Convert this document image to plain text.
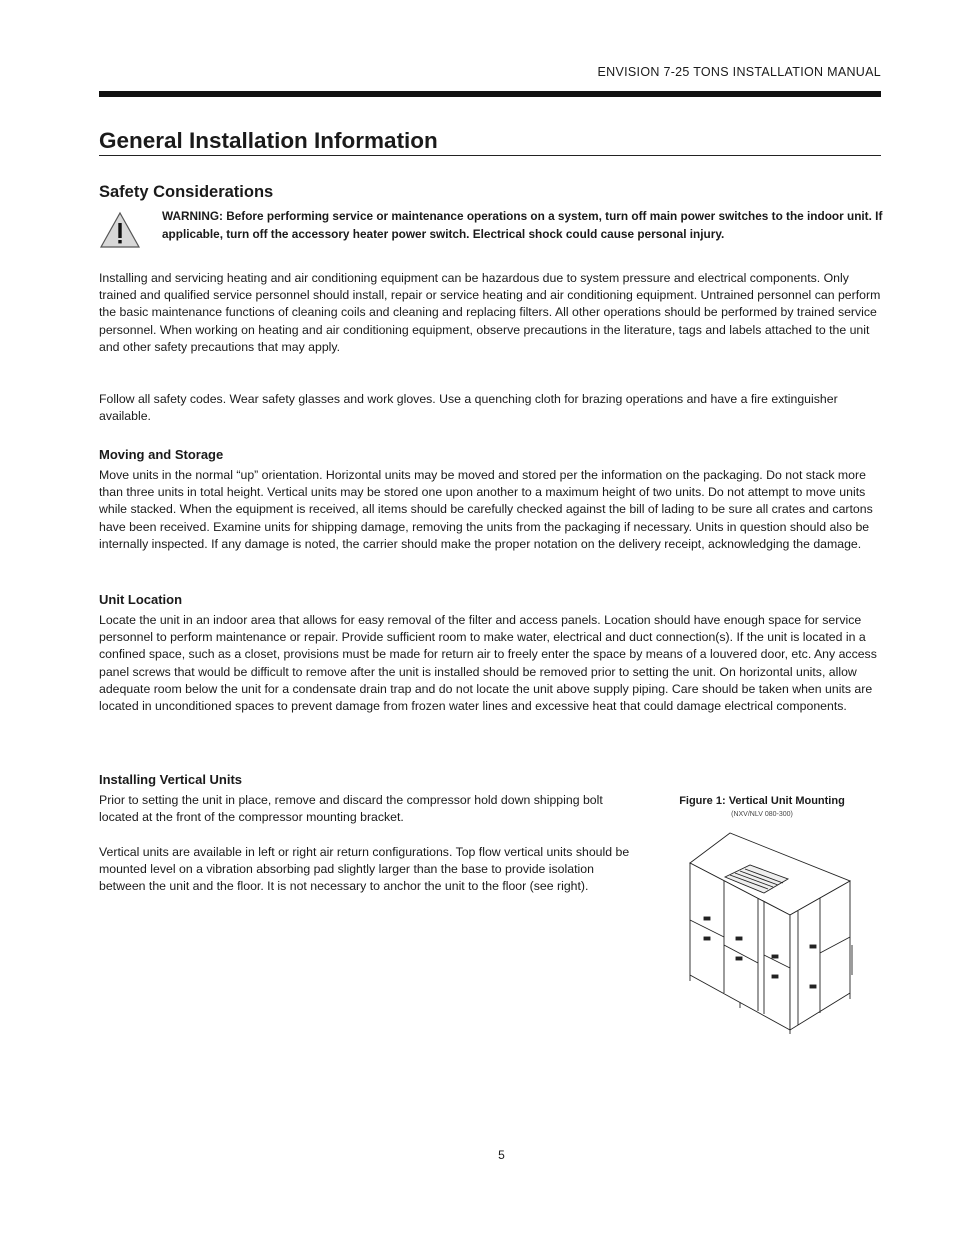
ENVISION 7-25 TONS INSTALLATION MANUAL
General Installation Information
Safety Considerations

WARNING: Before performing service or maintenance operations on a system, turn off main power switches to the indoor unit. If applicable, turn off the accessory heater power switch. Electrical shock could cause personal injury.

Installing and servicing heating and air conditioning equipment can be hazardous due to system pressure and electrical components. Only trained and qualified service personnel should install, repair or service heating and air conditioning equipment. Untrained personnel can perform the basic maintenance functions of cleaning coils and cleaning and replacing filters. All other operations should be performed by trained service personnel. When working on heating and air conditioning equipment, observe precautions in the literature, tags and labels attached to the unit and other safety precautions that may apply.

Follow all safety codes. Wear safety glasses and work gloves. Use a quenching cloth for brazing operations and have a fire extinguisher available.

Moving and Storage

Move units in the normal “up” orientation. Horizontal units may be moved and stored per the information on the packaging. Do not stack more than three units in total height. Vertical units may be stored one upon another to a maximum height of two units. Do not attempt to move units while stacked. When the equipment is received, all items should be carefully checked against the bill of lading to be sure all crates and cartons have been received. Examine units for shipping damage, removing the units from the packaging if necessary. Units in question should also be internally inspected. If any damage is noted, the carrier should make the proper notation on the delivery receipt, acknowledging the damage.

Unit Location

Locate the unit in an indoor area that allows for easy removal of the filter and access panels. Location should have enough space for service personnel to perform maintenance or repair. Provide sufficient room to make water, electrical and duct connection(s). If the unit is located in a confined space, such as a closet, provisions must be made for return air to freely enter the space by means of a louvered door, etc. Any access panel screws that would be difficult to remove after the unit is installed should be removed prior to setting the unit. On horizontal units, allow adequate room below the unit for a condensate drain trap and do not locate the unit above supply piping. Care should be taken when units are located in unconditioned spaces to prevent damage from frozen water lines and excessive heat that could damage electrical components.

Installing Vertical Units

Prior to setting the unit in place, remove and discard the compressor hold down shipping bolt located at the front of the compressor mounting bracket.

Vertical units are available in left or right air return configurations. Top flow vertical units should be mounted level on a vibration absorbing pad slightly larger than the base to provide isolation between the unit and the floor. It is not necessary to anchor the unit to the floor (see right).

Figure 1: Vertical Unit Mounting

(NXV/NLV 080-300)

5
